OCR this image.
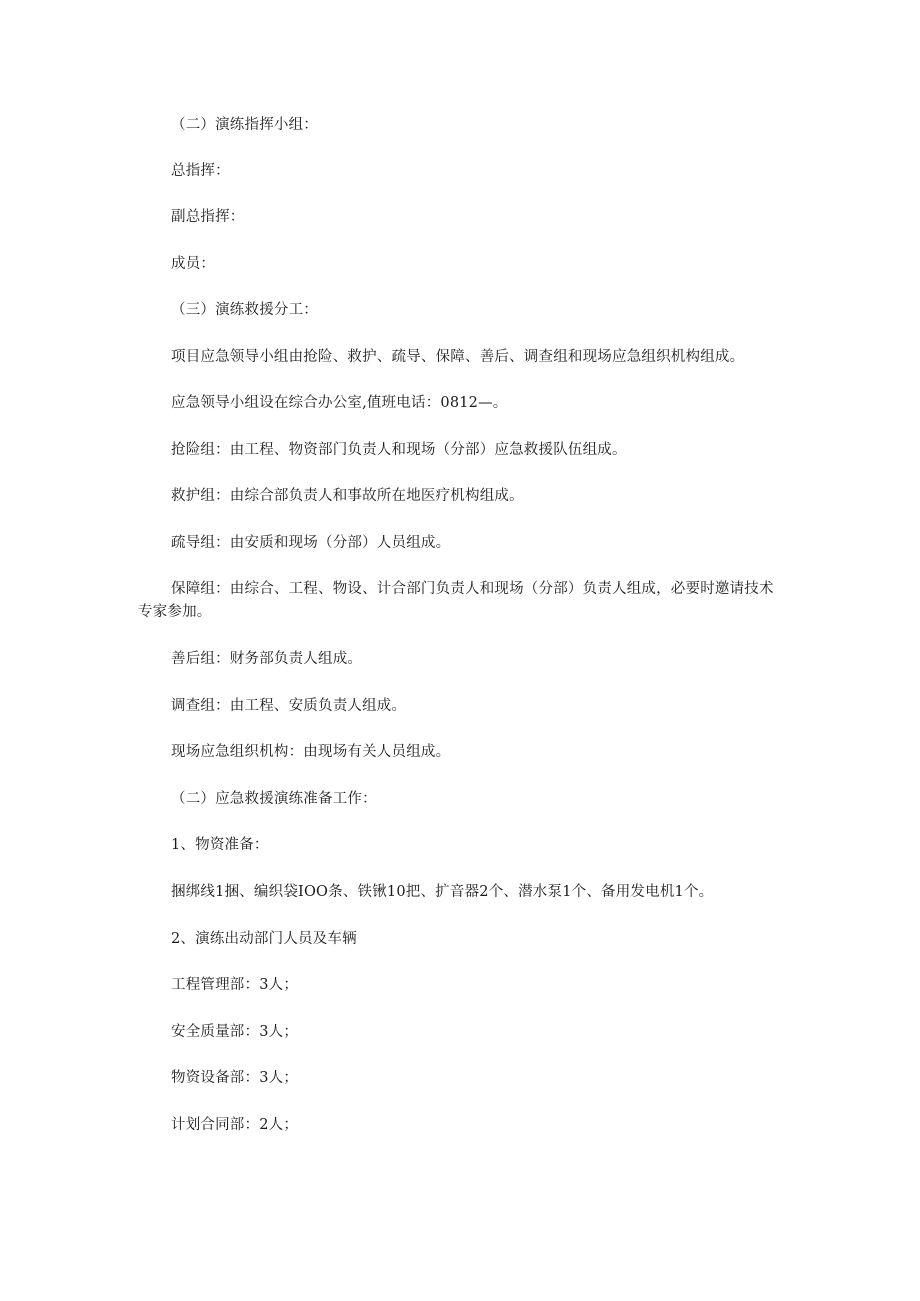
（二）演练指挥小组：

总指挥：

副总指挥：

成员：

（三）演练救援分工：

项目应急领导小组由抢险、救护、疏导、保障、善后、调查组和现场应急组织机构组成。

应急领导小组设在综合办公室,值班电话：0812—。

抢险组：由工程、物资部门负责人和现场（分部）应急救援队伍组成。

救护组：由综合部负责人和事故所在地医疗机构组成。

疏导组：由安质和现场（分部）人员组成。

保障组：由综合、工程、物设、计合部门负责人和现场（分部）负责人组成，必要时邀请技术专家参加。

善后组：财务部负责人组成。

调查组：由工程、安质负责人组成。

现场应急组织机构：由现场有关人员组成。

（二）应急救援演练准备工作：

1、物资准备：

捆绑线1捆、编织袋IOO条、铁锹10把、扩音器2个、潜水泵1个、备用发电机1个。

2、演练出动部门人员及车辆

工程管理部：3人；

安全质量部：3人；

物资设备部：3人；

计划合同部：2人；
